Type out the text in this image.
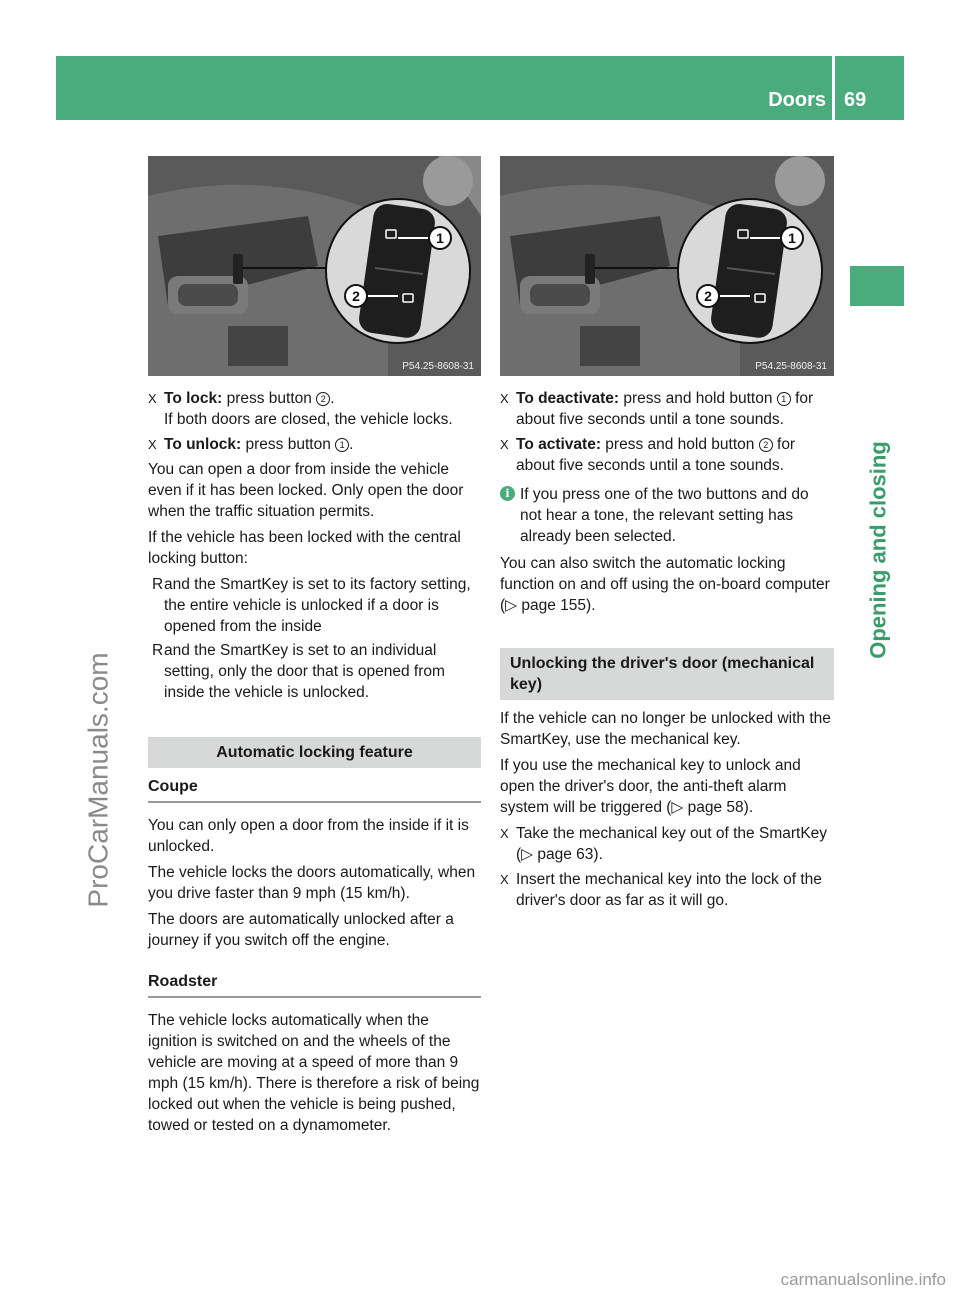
Doors 69
Opening and closing
ProCarManuals.com
carmanualsonline.info
1
2
P54.25-8608-31
X To lock: press button 2 .
If both doors are closed, the vehicle locks.
X To unlock: press button 1 .

You can open a door from inside the vehicle even if it has been locked. Only open the door when the traffic situation permits.

If the vehicle has been locked with the central locking button:

R and the SmartKey is set to its factory setting, the entire vehicle is unlocked if a door is opened from the inside
R and the SmartKey is set to an individual setting, only the door that is opened from inside the vehicle is unlocked.
Automatic locking feature
Coupe

You can only open a door from the inside if it is unlocked.

The vehicle locks the doors automatically, when you drive faster than 9 mph (15 km/h).

The doors are automatically unlocked after a journey if you switch off the engine.

Roadster

The vehicle locks automatically when the ignition is switched on and the wheels of the vehicle are moving at a speed of more than 9 mph (15 km/h). There is therefore a risk of being locked out when the vehicle is being pushed, towed or tested on a dynamometer.

1
2
P54.25-8608-31
X To deactivate: press and hold button 1 for about five seconds until a tone sounds.
X To activate: press and hold button 2 for about five seconds until a tone sounds.
i If you press one of the two buttons and do not hear a tone, the relevant setting has already been selected.

You can also switch the automatic locking function on and off using the on-board computer (▷ page 155).

Unlocking the driver's door (mechanical key)

If the vehicle can no longer be unlocked with the SmartKey, use the mechanical key.

If you use the mechanical key to unlock and open the driver's door, the anti-theft alarm system will be triggered (▷ page 58).

X Take the mechanical key out of the SmartKey (▷ page 63).
X Insert the mechanical key into the lock of the driver's door as far as it will go.
